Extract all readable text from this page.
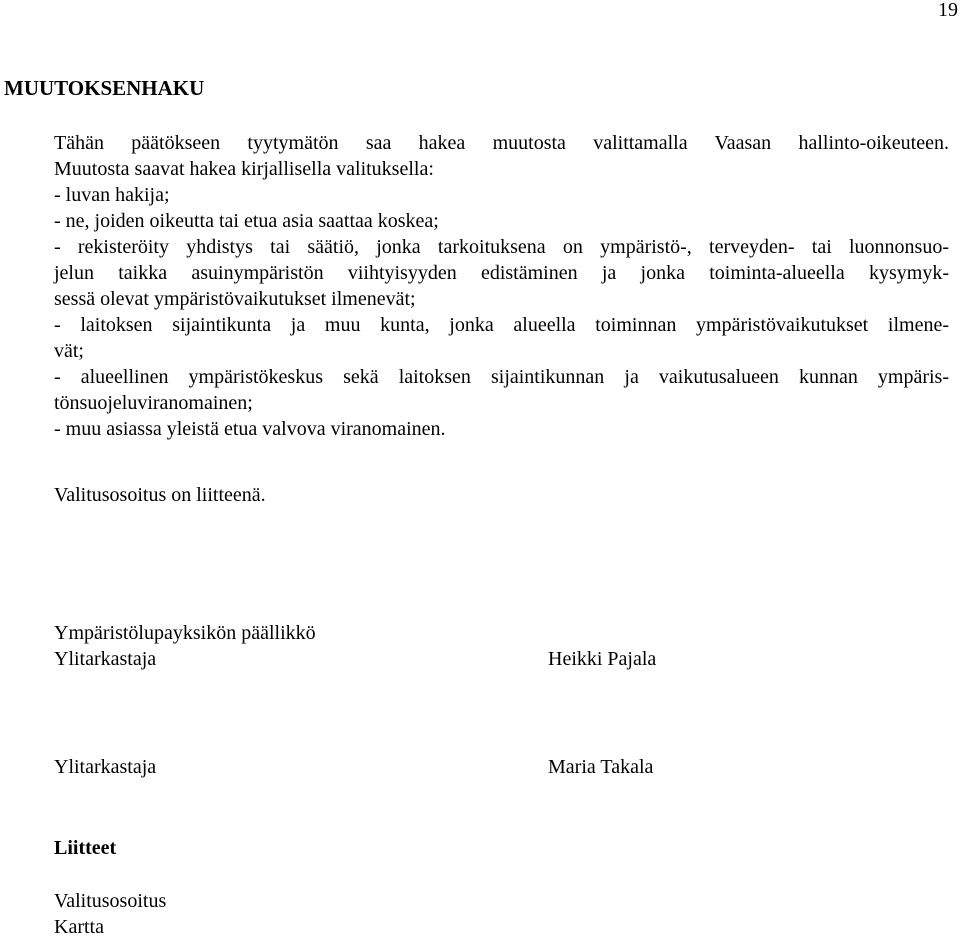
19
MUUTOKSENHAKU
Tähän päätökseen tyytymätön saa hakea muutosta valittamalla Vaasan hallinto-oikeuteen.
Muutosta saavat hakea kirjallisella valituksella:
- luvan hakija;
- ne, joiden oikeutta tai etua asia saattaa koskea;
- rekisteröity yhdistys tai säätiö, jonka tarkoituksena on ympäristö-, terveyden- tai luonnonsuo-
jelun taikka asuinympäristön viihtyisyyden edistäminen ja jonka toiminta-alueella kysymyk-
sessä olevat ympäristövaikutukset ilmenevät;
- laitoksen sijaintikunta ja muu kunta, jonka alueella toiminnan ympäristövaikutukset ilmene-
vät;
- alueellinen ympäristökeskus sekä laitoksen sijaintikunnan ja vaikutusalueen kunnan ympäris-
tönsuojeluviranomainen;
- muu asiassa yleistä etua valvova viranomainen.
Valitusosoitus on liitteenä.
Ympäristölupayksikön päällikkö
Ylitarkastaja	Heikki Pajala
Ylitarkastaja	Maria Takala
Liitteet
Valitusosoitus
Kartta
